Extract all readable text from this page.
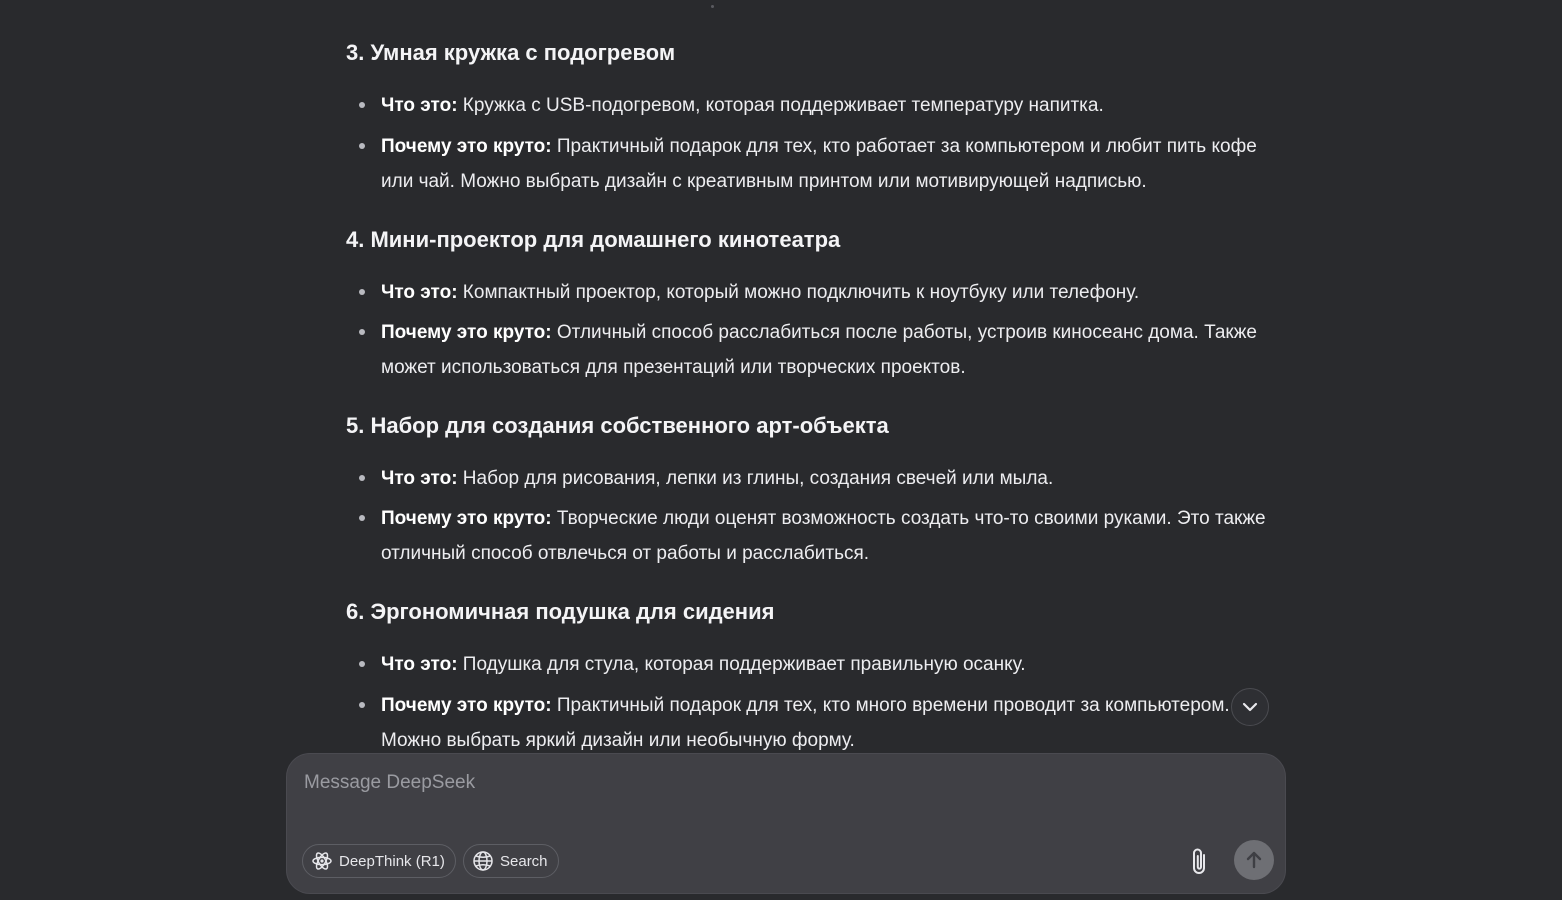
3. Умная кружка с подогревом
Что это: Кружка с USB-подогревом, которая поддерживает температуру напитка.
Почему это круто: Практичный подарок для тех, кто работает за компьютером и любит пить кофе или чай. Можно выбрать дизайн с креативным принтом или мотивирующей надписью.
4. Мини-проектор для домашнего кинотеатра
Что это: Компактный проектор, который можно подключить к ноутбуку или телефону.
Почему это круто: Отличный способ расслабиться после работы, устроив киносеанс дома. Также может использоваться для презентаций или творческих проектов.
5. Набор для создания собственного арт-объекта
Что это: Набор для рисования, лепки из глины, создания свечей или мыла.
Почему это круто: Творческие люди оценят возможность создать что-то своими руками. Это также отличный способ отвлечься от работы и расслабиться.
6. Эргономичная подушка для сидения
Что это: Подушка для стула, которая поддерживает правильную осанку.
Почему это круто: Практичный подарок для тех, кто много времени проводит за компьютером. Можно выбрать яркий дизайн или необычную форму.
Message DeepSeek
DeepThink (R1)	Search
